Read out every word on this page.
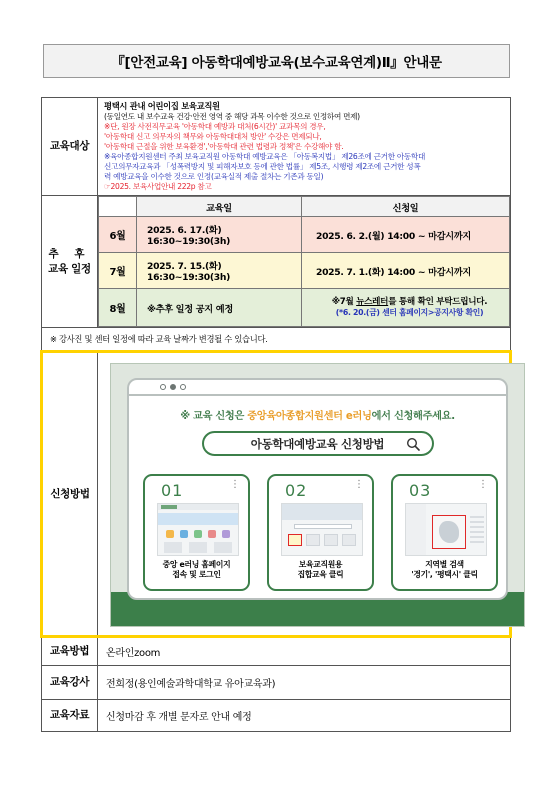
『[안전교육] 아동학대예방교육(보수교육연계)Ⅱ』안내문
교육대상	
평택시 관내 어린이집 보육교직원
(동일연도 내 보수교육 건강·안전 영역 중 해당 과목 이수한 것으로 인정하여 면제)
※단, 원장 사전직무교육 '아동학대 예방과 대처(6시간)' 교과목의 경우,
'아동학대 신고 의무자의 책무와 아동학대대처 방안' 수강은 면제되나,
'아동학대 근절을 위한 보육환경','아동학대 관련 법령과 정책'은 수강해야 함.
※육아종합지원센터 주최 보육교직원 아동학대 예방교육은 「아동복지법」 제26조에 근거한 아동학대
신고의무자교육과 「성폭력방지 및 피해자보호 등에 관한 법률」 제5조, 시행령 제2조에 근거한 성폭
력 예방교육을 이수한 것으로 인정(교육실적 제출 절차는 기존과 동일)
☞2025. 보육사업안내 222p 참고

추 후
교육 일정

	교육일	신청일
6월	2025. 6. 17.(화) 16:30~19:30(3h)	2025. 6. 2.(월) 14:00 ~ 마감시까지
7월	2025. 7. 15.(화) 16:30~19:30(3h)	2025. 7. 1.(화) 14:00 ~ 마감시까지
8월	※추후 일정 공지 예정	
※7월 뉴스레터를 통해 확인 부탁드립니다.
(*6. 20.(금) 센터 홈페이지>공지사항 확인)

※ 강사진 및 센터 일정에 따라 교육 날짜가 변경될 수 있습니다.
신청방법	
※ 교육 신청은 중앙육아종합지원센터 e러닝에서 신청해주세요.
아동학대예방교육 신청방법
01	⋮
중앙 e러닝 홈페이지
접속 및 로그인
02	⋮
보육교직원용
집합교육 클릭
03	⋮
지역별 검색
'경기', '평택시' 클릭

교육방법	온라인zoom
교육강사	전희정(용인예술과학대학교 유아교육과)
교육자료	신청마감 후 개별 문자로 안내 예정
